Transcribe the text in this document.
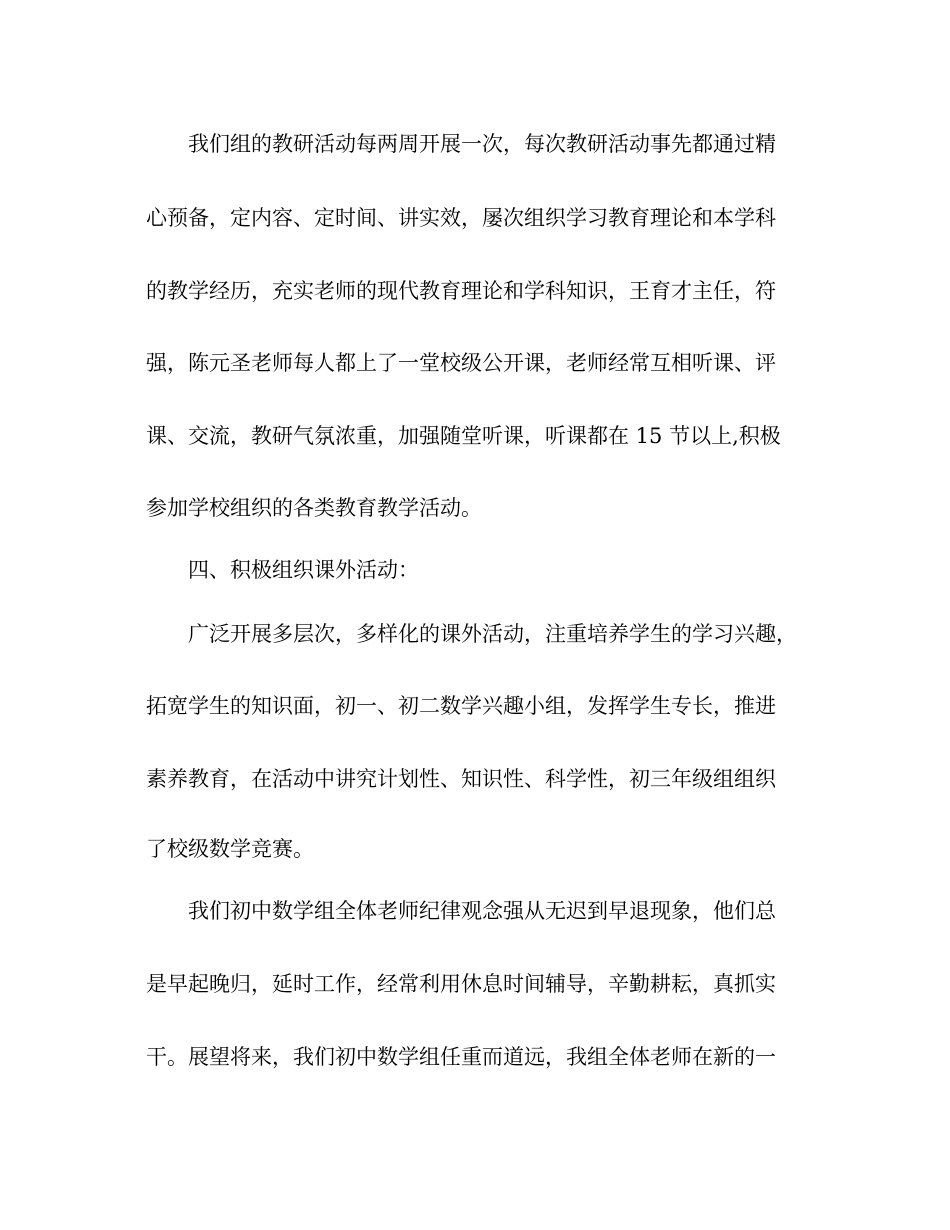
我们组的教研活动每两周开展一次，每次教研活动事先都通过精
心预备，定内容、定时间、讲实效，屡次组织学习教育理论和本学科
的教学经历，充实老师的现代教育理论和学科知识，王育才主任，符
强，陈元圣老师每人都上了一堂校级公开课，老师经常互相听课、评
课、交流，教研气氛浓重，加强随堂听课，听课都在 15 节以上,积极
参加学校组织的各类教育教学活动。
四、积极组织课外活动：
广泛开展多层次，多样化的课外活动，注重培养学生的学习兴趣，
拓宽学生的知识面，初一、初二数学兴趣小组，发挥学生专长，推进
素养教育，在活动中讲究计划性、知识性、科学性，初三年级组组织
了校级数学竞赛。
我们初中数学组全体老师纪律观念强从无迟到早退现象，他们总
是早起晚归，延时工作，经常利用休息时间辅导，辛勤耕耘，真抓实
干。展望将来，我们初中数学组任重而道远，我组全体老师在新的一
